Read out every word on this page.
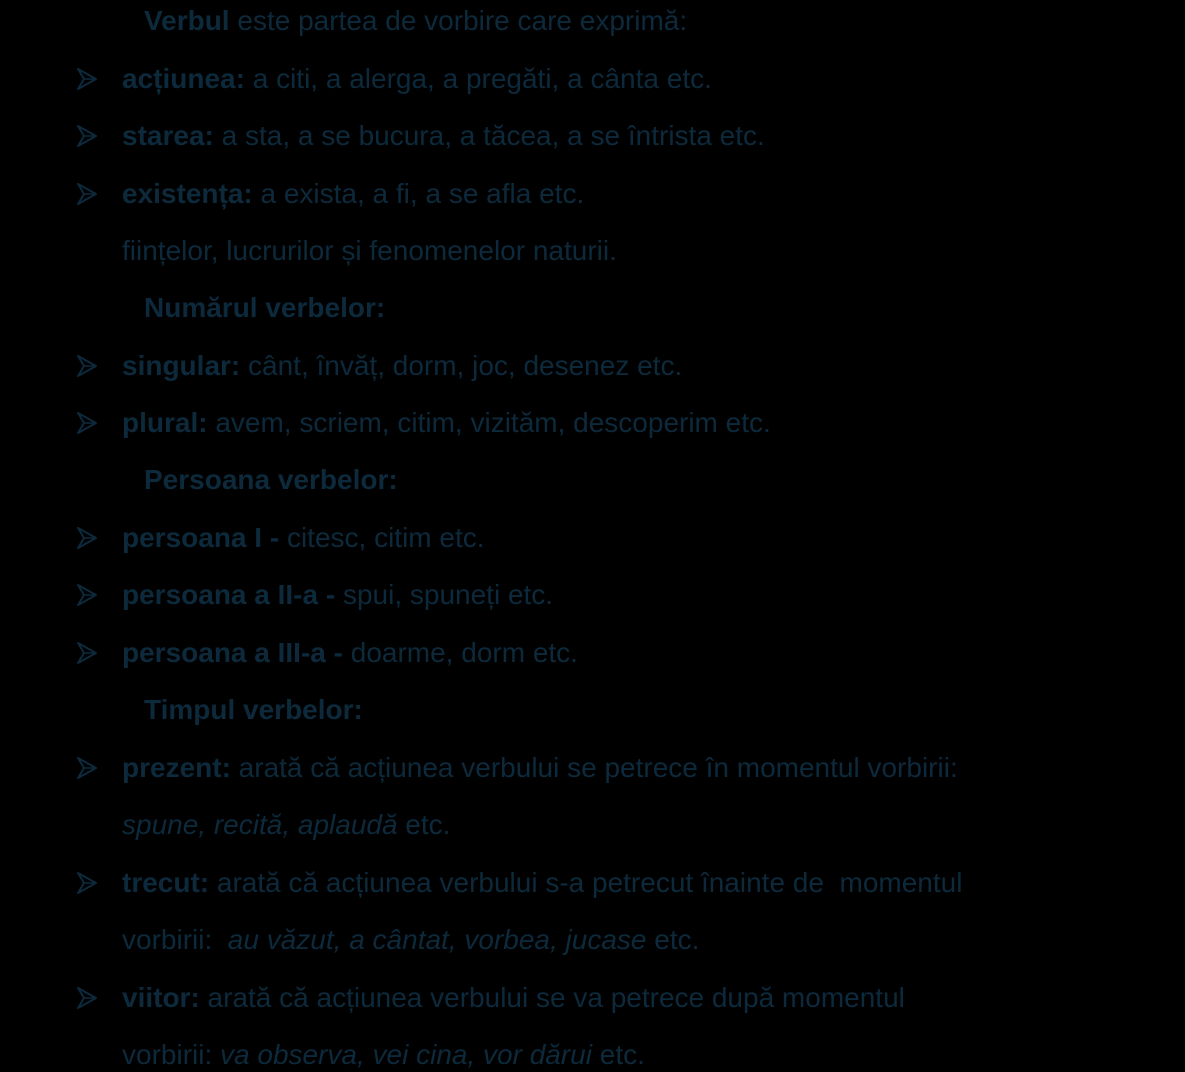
Verbul este partea de vorbire care exprimă:
acțiunea: a citi, a alerga, a pregăti, a cânta etc.
starea: a sta, a se bucura, a tăcea, a se întrista etc.
existența: a exista, a fi, a se afla etc.
ființelor, lucrurilor și fenomenelor naturii.
Numărul verbelor:
singular: cânt, învăț, dorm, joc, desenez etc.
plural: avem, scriem, citim, vizităm, descoperim etc.
Persoana verbelor:
persoana I - citesc, citim etc.
persoana a II-a - spui, spuneți etc.
persoana a III-a - doarme, dorm etc.
Timpul verbelor:
prezent: arată că acțiunea verbului se petrece în momentul vorbirii:
spune, recită, aplaudă etc.
trecut: arată că acțiunea verbului s-a petrecut înainte de  momentul
vorbirii:  au văzut, a cântat, vorbea, jucase etc.
viitor: arată că acțiunea verbului se va petrece după momentul
vorbirii: va observa, vei cina, vor dărui etc.
